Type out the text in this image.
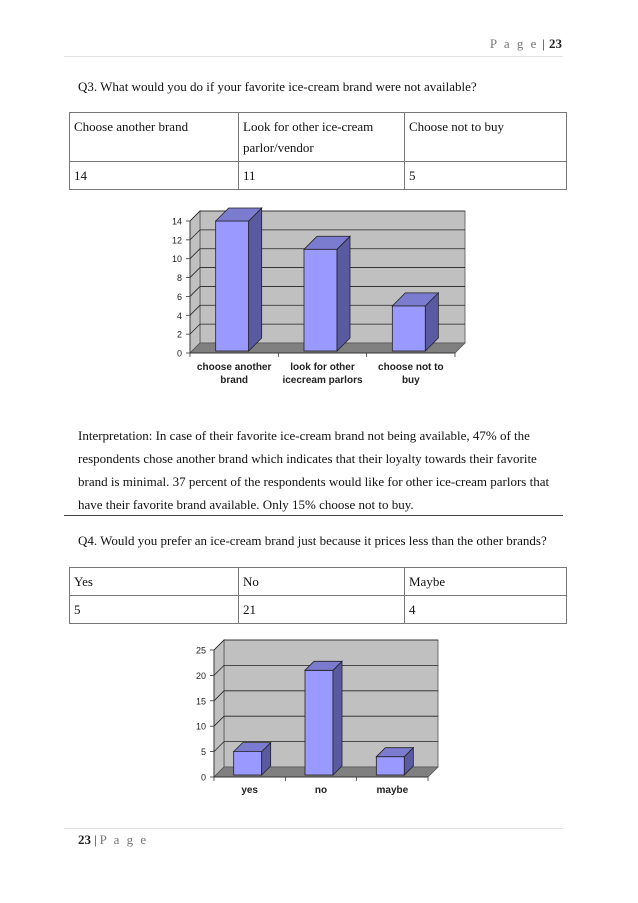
P a g e | 23
Q3. What would you do if your favorite ice-cream brand were not available?
Choose another brand	Look for other ice-cream parlor/vendor	Choose not to buy
14	11	5
0
2
4
6
8
10
12
14
choose another brand
look for other icecream parlors
choose not to buy
Interpretation: In case of their favorite ice-cream brand not being available, 47% of the respondents chose another brand which indicates that their loyalty towards their favorite brand is minimal. 37 percent of the respondents would like for other ice-cream parlors that have their favorite brand available. Only 15% choose not to buy.
Q4. Would you prefer an ice-cream brand just because it prices less than the other brands?
Yes	No	Maybe
5	21	4
0
5
10
15
20
25
yes	no	maybe
23 | P a g e
